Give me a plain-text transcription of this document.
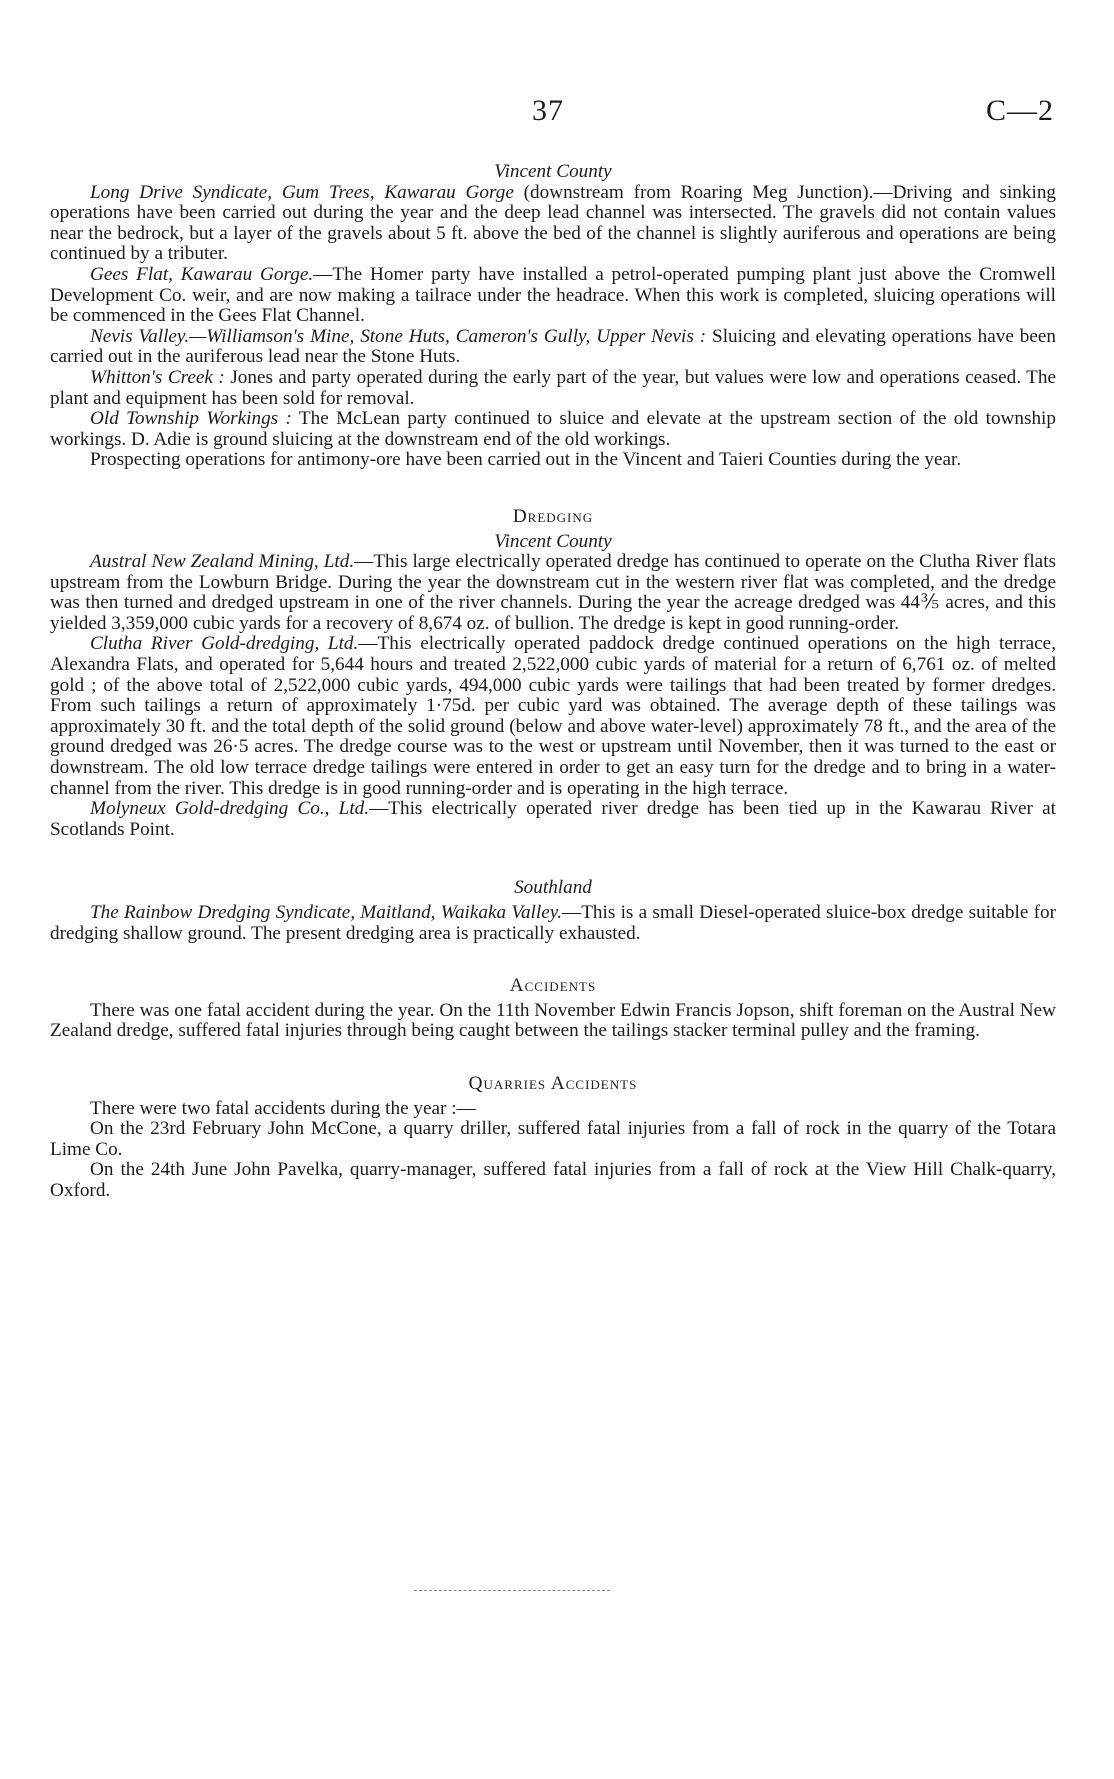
37	C—2
Vincent County

Long Drive Syndicate, Gum Trees, Kawarau Gorge (downstream from Roaring Meg Junction).—Driving and sinking operations have been carried out during the year and the deep lead channel was intersected. The gravels did not contain values near the bedrock, but a layer of the gravels about 5 ft. above the bed of the channel is slightly auriferous and operations are being continued by a tributer.

Gees Flat, Kawarau Gorge.—The Homer party have installed a petrol-operated pumping plant just above the Cromwell Development Co. weir, and are now making a tailrace under the headrace. When this work is completed, sluicing operations will be commenced in the Gees Flat Channel.

Nevis Valley.—Williamson's Mine, Stone Huts, Cameron's Gully, Upper Nevis : Sluicing and elevating operations have been carried out in the auriferous lead near the Stone Huts.

Whitton's Creek : Jones and party operated during the early part of the year, but values were low and operations ceased. The plant and equipment has been sold for removal.

Old Township Workings : The McLean party continued to sluice and elevate at the upstream section of the old township workings. D. Adie is ground sluicing at the downstream end of the old workings.

Prospecting operations for antimony-ore have been carried out in the Vincent and Taieri Counties during the year.

Dredging
Vincent County

Austral New Zealand Mining, Ltd.—This large electrically operated dredge has continued to operate on the Clutha River flats upstream from the Lowburn Bridge. During the year the downstream cut in the western river flat was completed, and the dredge was then turned and dredged upstream in one of the river channels. During the year the acreage dredged was 44⅗ acres, and this yielded 3,359,000 cubic yards for a recovery of 8,674 oz. of bullion. The dredge is kept in good running-order.

Clutha River Gold-dredging, Ltd.—This electrically operated paddock dredge continued operations on the high terrace, Alexandra Flats, and operated for 5,644 hours and treated 2,522,000 cubic yards of material for a return of 6,761 oz. of melted gold ; of the above total of 2,522,000 cubic yards, 494,000 cubic yards were tailings that had been treated by former dredges. From such tailings a return of approximately 1·75d. per cubic yard was obtained. The average depth of these tailings was approximately 30 ft. and the total depth of the solid ground (below and above water-level) approximately 78 ft., and the area of the ground dredged was 26·5 acres. The dredge course was to the west or upstream until November, then it was turned to the east or downstream. The old low terrace dredge tailings were entered in order to get an easy turn for the dredge and to bring in a water-channel from the river. This dredge is in good running-order and is operating in the high terrace.

Molyneux Gold-dredging Co., Ltd.—This electrically operated river dredge has been tied up in the Kawarau River at Scotlands Point.

Southland

The Rainbow Dredging Syndicate, Maitland, Waikaka Valley.—This is a small Diesel-operated sluice-box dredge suitable for dredging shallow ground. The present dredging area is practically exhausted.

Accidents

There was one fatal accident during the year. On the 11th November Edwin Francis Jopson, shift foreman on the Austral New Zealand dredge, suffered fatal injuries through being caught between the tailings stacker terminal pulley and the framing.

Quarries Accidents

There were two fatal accidents during the year :—

On the 23rd February John McCone, a quarry driller, suffered fatal injuries from a fall of rock in the quarry of the Totara Lime Co.

On the 24th June John Pavelka, quarry-manager, suffered fatal injuries from a fall of rock at the View Hill Chalk-quarry, Oxford.
